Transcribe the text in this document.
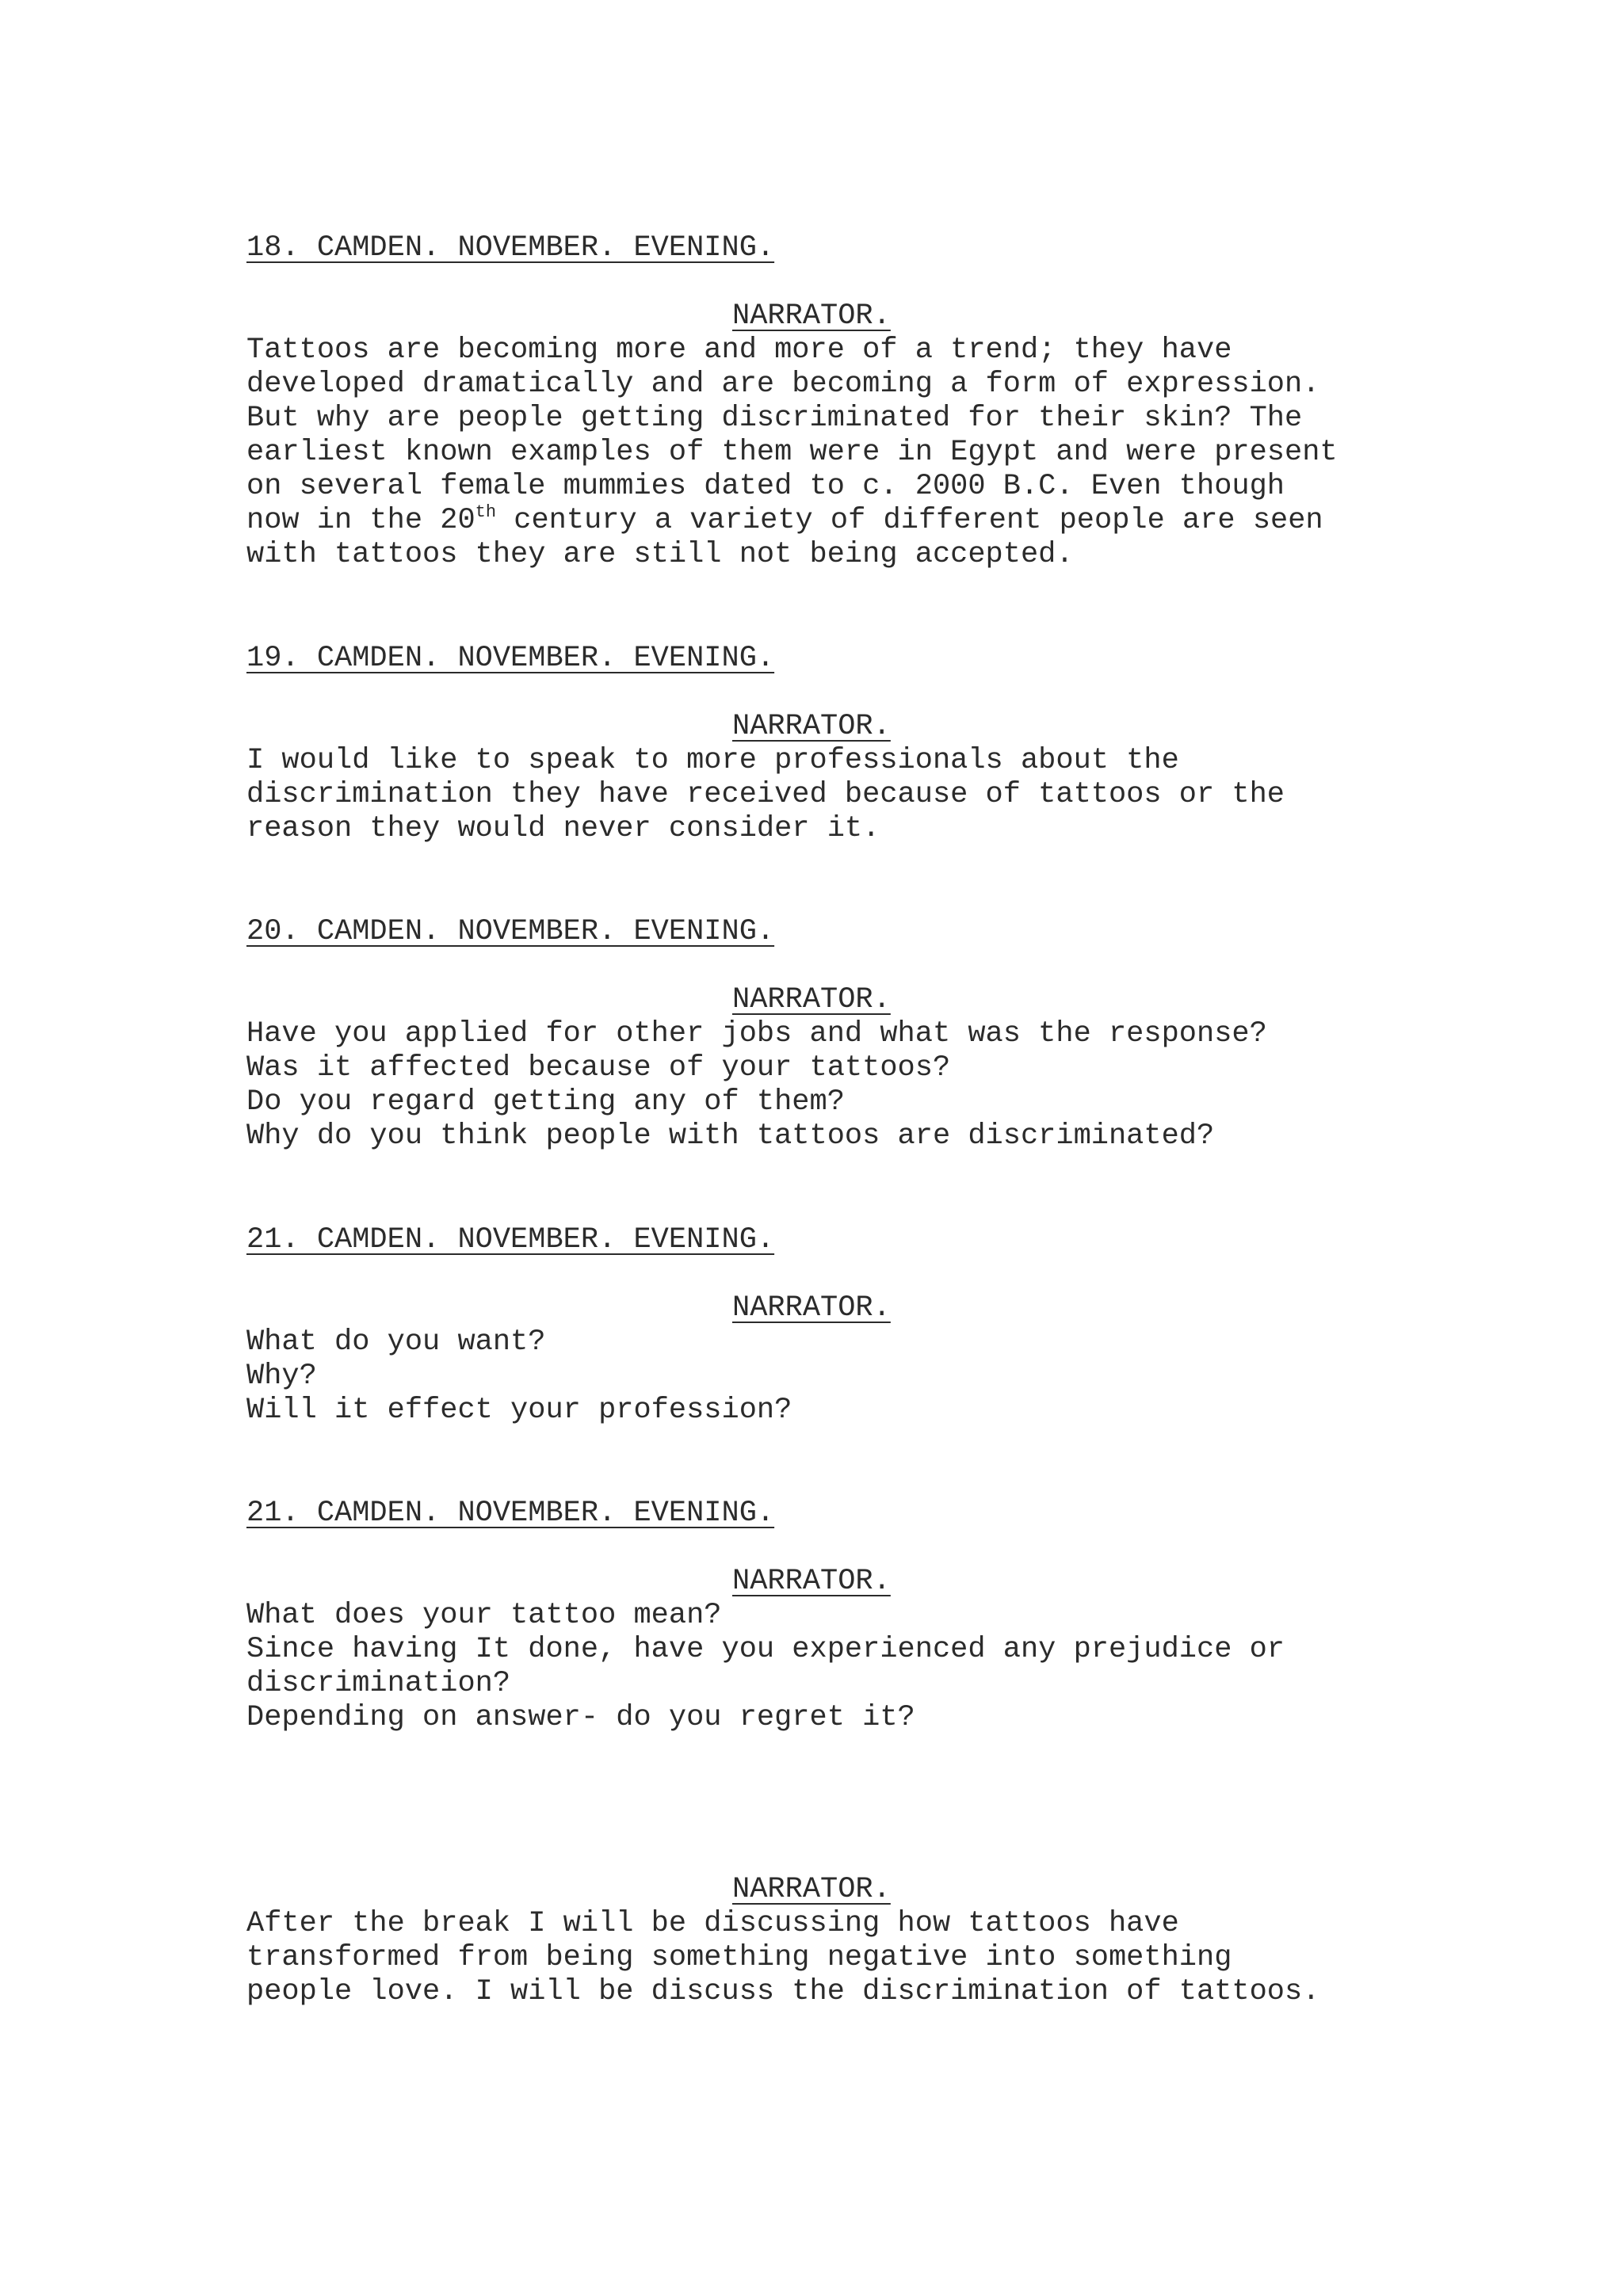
18. CAMDEN. NOVEMBER. EVENING.
NARRATOR.
Tattoos are becoming more and more of a trend; they have
developed dramatically and are becoming a form of expression.
But why are people getting discriminated for their skin? The
earliest known examples of them were in Egypt and were present
on several female mummies dated to c. 2000 B.C. Even though
now in the 20th century a variety of different people are seen
with tattoos they are still not being accepted.
19. CAMDEN. NOVEMBER. EVENING.
NARRATOR.
I would like to speak to more professionals about the
discrimination they have received because of tattoos or the
reason they would never consider it.
20. CAMDEN. NOVEMBER. EVENING.
NARRATOR.
Have you applied for other jobs and what was the response?
Was it affected because of your tattoos?
Do you regard getting any of them?
Why do you think people with tattoos are discriminated?
21. CAMDEN. NOVEMBER. EVENING.
NARRATOR.
What do you want?
Why?
Will it effect your profession?
21. CAMDEN. NOVEMBER. EVENING.
NARRATOR.
What does your tattoo mean?
Since having It done, have you experienced any prejudice or
discrimination?
Depending on answer- do you regret it?
NARRATOR.
After the break I will be discussing how tattoos have
transformed from being something negative into something
people love. I will be discuss the discrimination of tattoos.
